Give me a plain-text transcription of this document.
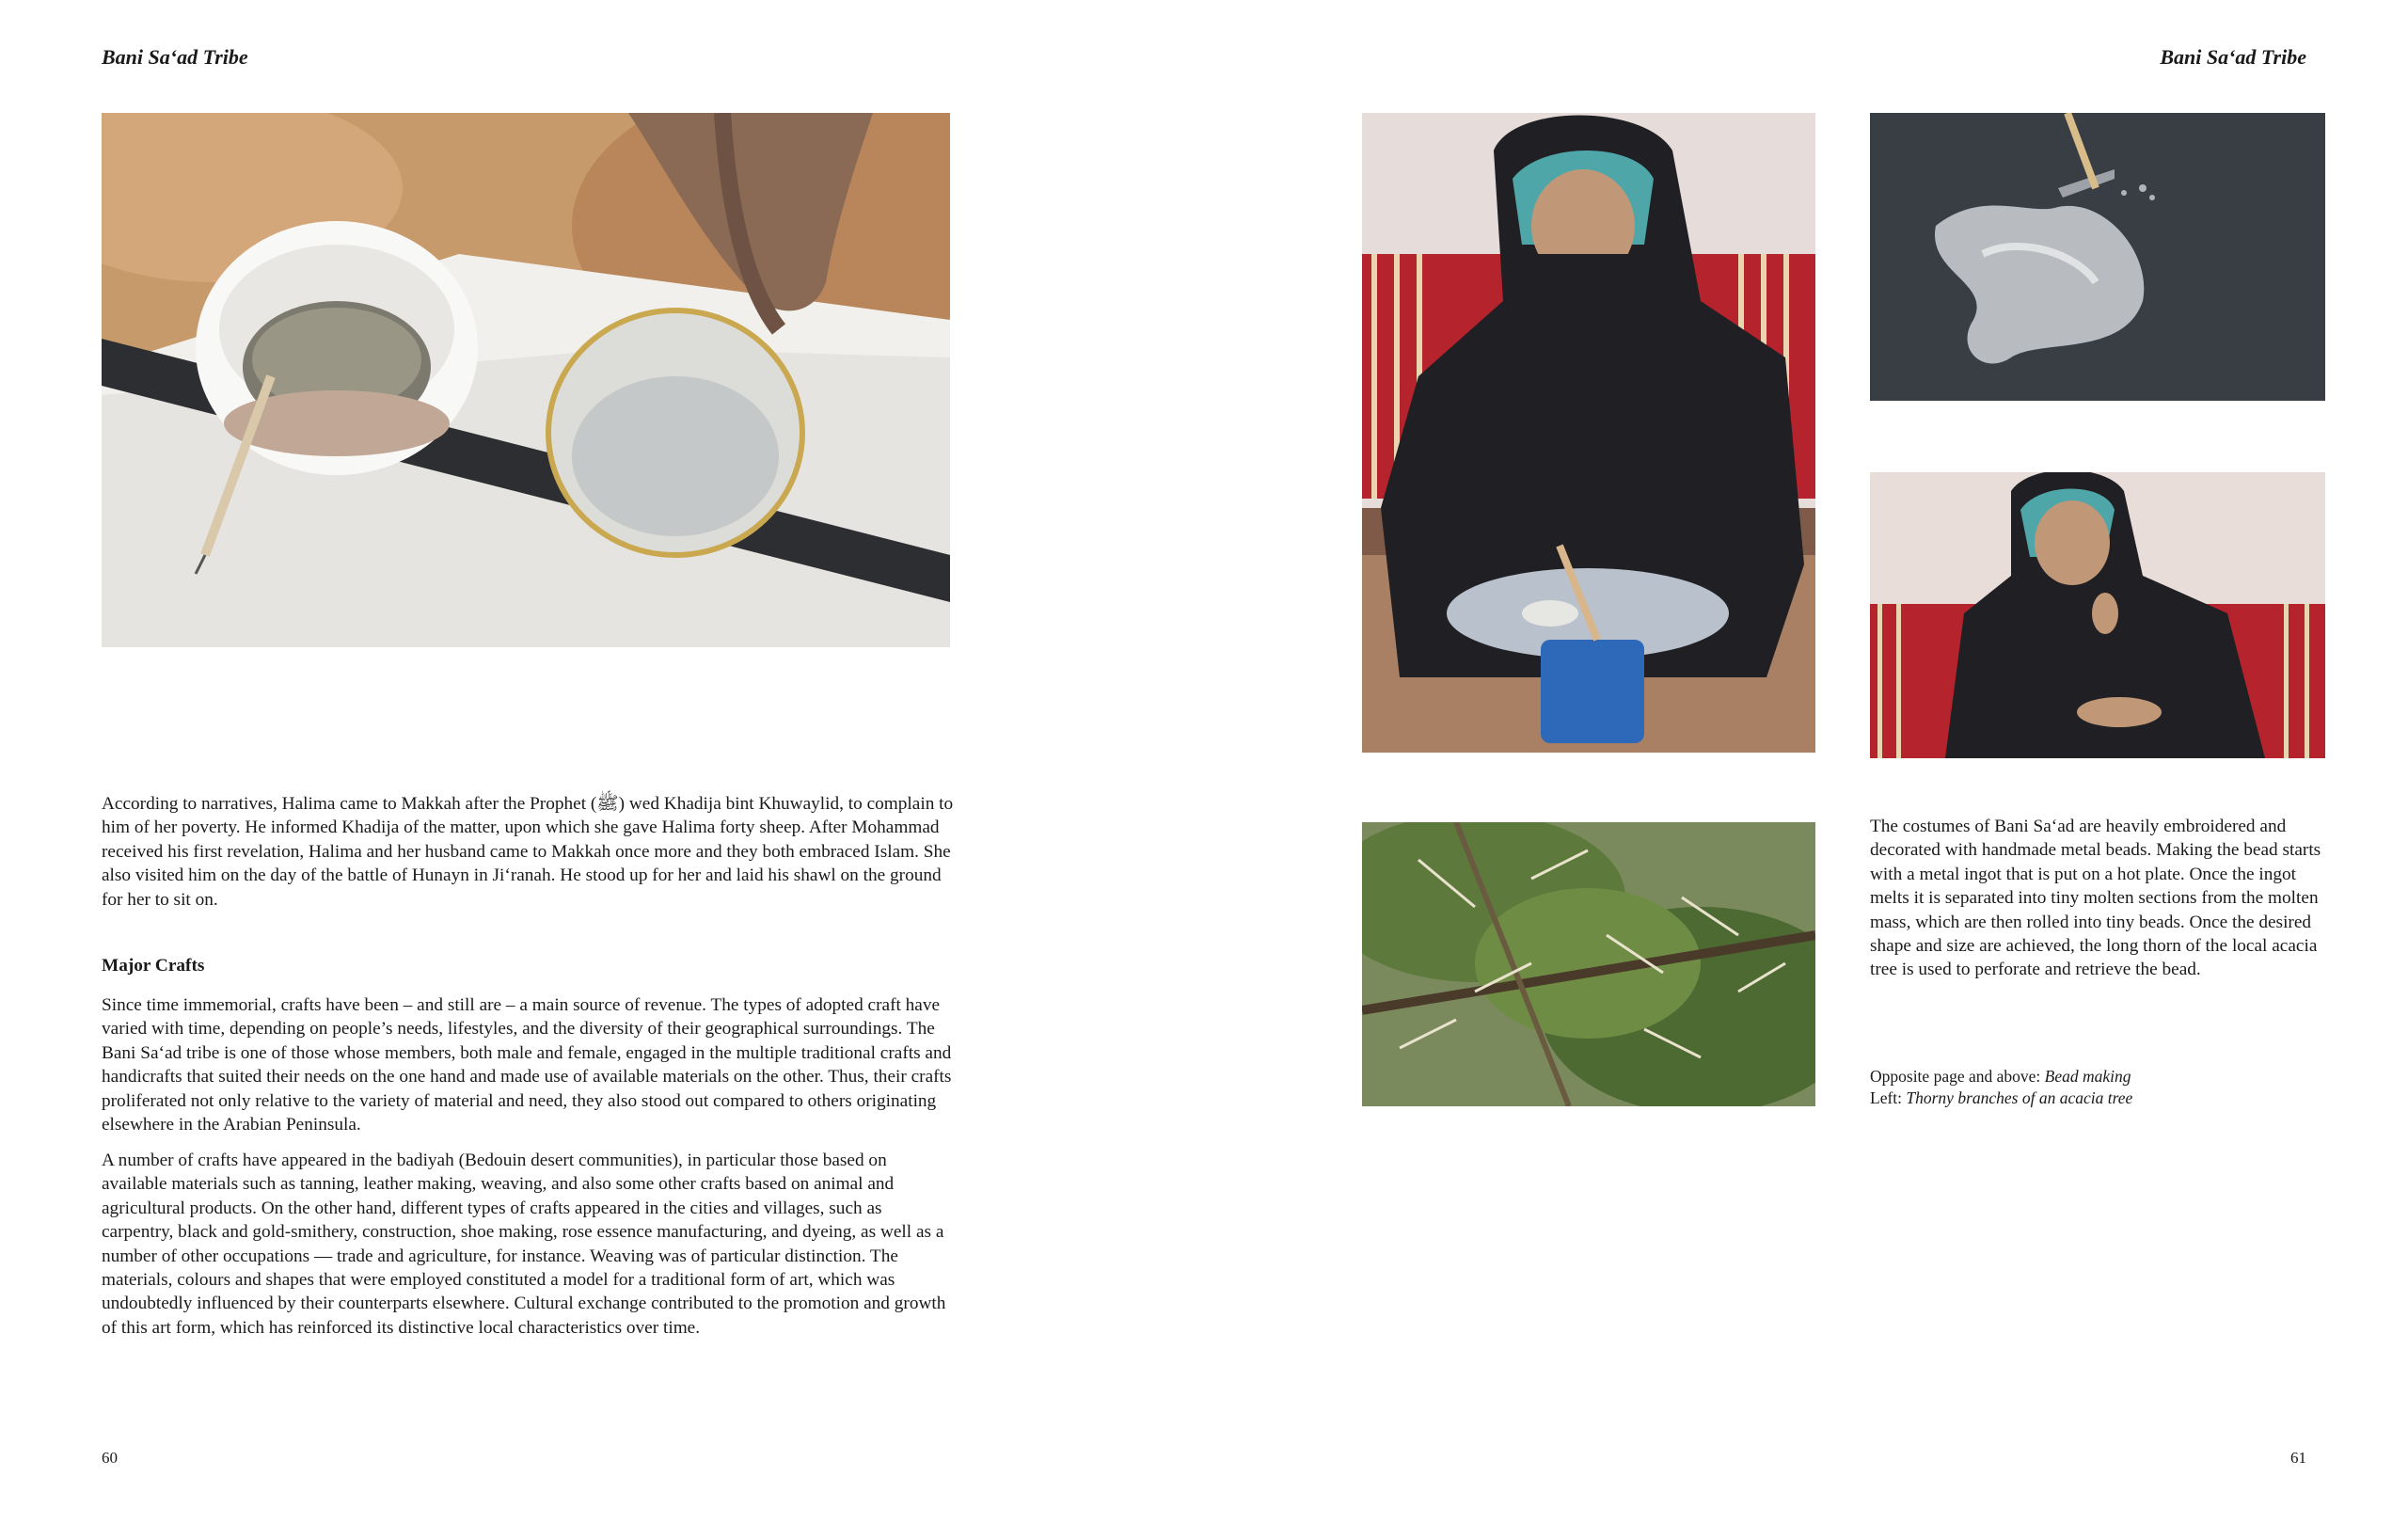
Bani Sa‘ad Tribe

According to narratives, Halima came to Makkah after the Prophet (ﷺ) wed Khadija bint Khuwaylid, to complain to him of her poverty. He informed Khadija of the matter, upon which she gave Halima forty sheep. After Mohammad received his first revelation, Halima and her husband came to Makkah once more and they both embraced Islam. She also visited him on the day of the battle of Hunayn in Ji‘ranah. He stood up for her and laid his shawl on the ground for her to sit on.

Major Crafts

Since time immemorial, crafts have been – and still are – a main source of revenue. The types of adopted craft have varied with time, depending on people’s needs, lifestyles, and the diversity of their geographical surroundings. The Bani Sa‘ad tribe is one of those whose members, both male and female, engaged in the multiple traditional crafts and handicrafts that suited their needs on the one hand and made use of available materials on the other. Thus, their crafts proliferated not only relative to the variety of material and need, they also stood out compared to others originating elsewhere in the Arabian Peninsula.

A number of crafts have appeared in the badiyah (Bedouin desert communities), in particular those based on available materials such as tanning, leather making, weaving, and also some other crafts based on animal and agricultural products. On the other hand, different types of crafts appeared in the cities and villages, such as carpentry, black and gold-smithery, construction, shoe making, rose essence manufacturing, and dyeing, as well as a number of other occupations — trade and agriculture, for instance. Weaving was of particular distinction. The materials, colours and shapes that were employed constituted a model for a traditional form of art, which was undoubtedly influenced by their counterparts elsewhere. Cultural exchange contributed to the promotion and growth of this art form, which has reinforced its distinctive local characteristics over time.

60
Bani Sa‘ad Tribe

The costumes of Bani Sa‘ad are heavily embroidered and decorated with handmade metal beads. Making the bead starts with a metal ingot that is put on a hot plate. Once the ingot melts it is separated into tiny molten sections from the molten mass, which are then rolled into tiny beads. Once the desired shape and size are achieved, the long thorn of the local acacia tree is used to perforate and retrieve the bead.

Opposite page and above: Bead making
Left: Thorny branches of an acacia tree
61
